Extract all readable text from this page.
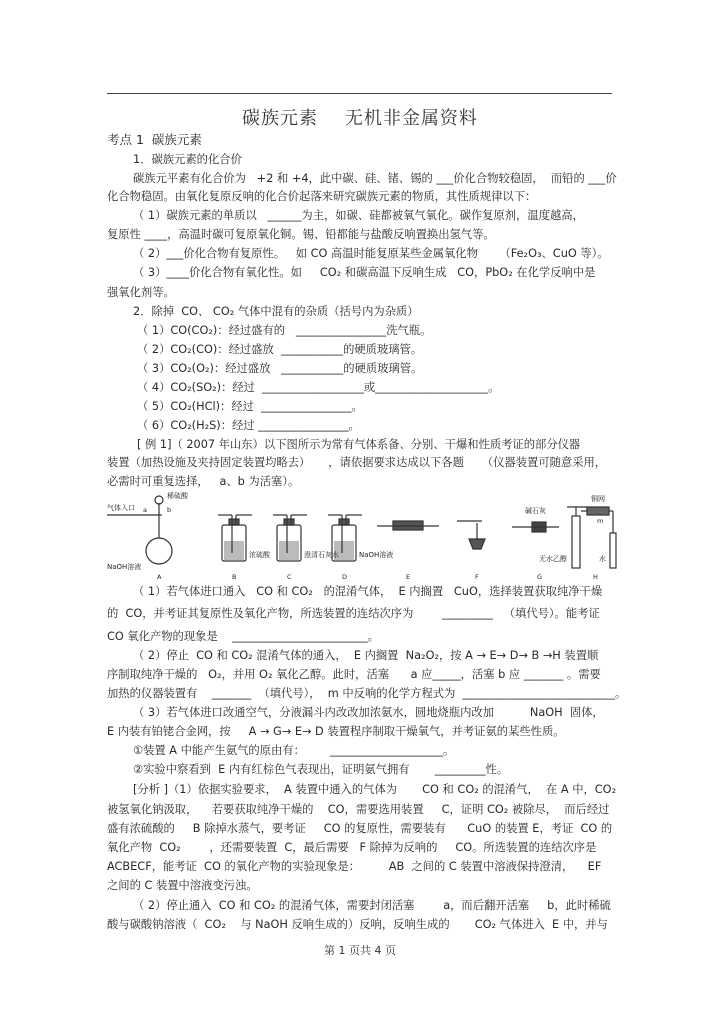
碳族元素    无机非金属资料
考点 1  碳族元素
1．碳族元素的化合价
碳族元平素有化合价为   +2 和 +4，此中碳、硅、锗、锡的 ___价化合物较稳固，  而铅的 ___价
化合物稳固。由氧化复原反响的化合价起落来研究碳族元素的物质，其性质规律以下：
（ 1）碳族元素的单质以   ______为主，如碳、硅都被氧气氧化。碳作复原剂，温度越高，
复原性 ____，高温时碳可复原氧化铜。锡、铅都能与盐酸反响置换出氢气等。
（ 2）___价化合物有复原性。   如 CO 高温时能复原某些金属氧化物      （Fe₂O₃、CuO 等）。
（ 3）____价化合物有氧化性。如     CO₂ 和碳高温下反响生成   CO，PbO₂ 在化学反响中是
强氧化剂等。
2．除掉  CO、 CO₂ 气体中混有的杂质（括号内为杂质）
（ 1）CO(CO₂)：经过盛有的   ________________洗气瓶。
（ 2）CO₂(CO)：经过盛放  ___________的硬质玻璃管。
（ 3）CO₂(O₂)：经过盛放   ___________的硬质玻璃管。
（ 4）CO₂(SO₂)：经过  __________________或____________________。
（ 5）CO₂(HCl)：经过  ________________。
（ 6）CO₂(H₂S)：经过 ________________。
[ 例 1]（ 2007 年山东）以下图所示为常有气体系备、分别、干爆和性质考证的部分仪器
装置（加热设施及夹持固定装置均略去）     ，请依据要求达成以下各题     （仪器装置可随意采用，
必需时可重复选择，   a、b 为活塞）。
（ 1）若气体进口通入   CO 和 CO₂   的混淆气体，  E 内搁置   CuO，选择装置获取纯净干燥
的  CO，并考证其复原性及氧化产物，所选装置的连结次序为        _________   （填代号）。能考证
CO 氧化产物的现象是    ________________________。
（ 2）停止  CO 和 CO₂ 混淆气体的通入，  E 内搁置  Na₂O₂，按 A → E→ D→ B →H 装置顺
序制取纯净干燥的   O₂，并用 O₂ 氧化乙醇。此时，活塞      a 应_____，活塞 b 应 _______ 。需要
加热的仪器装置有    _______  （填代号），  m 中反响的化学方程式为  ___________________________。
（ 3）若气体进口改通空气，分液漏斗内改改加浓氨水，圆地烧瓶内改加          NaOH  固体，
E 内装有铂铑合金网，按     A → G→ E→ D 装置程序制取干燥氧气，并考证氨的某些性质。
①装置 A 中能产生氨气的原由有：       ____________________。
②实验中察看到  E 内有红棕色气表现出，证明氨气拥有       _________性。
[分析 ]（1）依据实验要求，  A 装置中通入的气体为       CO 和 CO₂ 的混淆气，  在 A 中，CO₂
被氢氧化钠汲取，    若要获取纯净干燥的    CO，需要选用装置     C，证明 CO₂ 被除尽，  而后经过
盛有浓硫酸的     B 除掉水蒸气，要考证     CO 的复原性，需要装有      CuO 的装置 E，考证  CO 的
氧化产物  CO₂        ，还需要装置  C，最后需要   F 除掉为反响的     CO。所选装置的连结次序是
ACBECF，能考证  CO 的氧化产物的实验现象是：        AB  之间的 C 装置中溶液保持澄清，    EF
之间的 C 装置中溶液变污浊。
（ 2）停止通入  CO 和 CO₂ 的混淆气体，需要封闭活塞        a，而后翻开活塞     b，此时稀硫
酸与碳酸钠溶液（  CO₂    与 NaOH 反响生成的）反响，反响生成的       CO₂ 气体进入  E 中，并与
气体入口
稀硫酸
NaOH溶液
浓硫酸	澄清石灰水	NaOH溶液
碱石灰
铜网
无水乙醇	水
a	b
m
A	B	C	D	E	F	G	H
第 1 页共 4 页
